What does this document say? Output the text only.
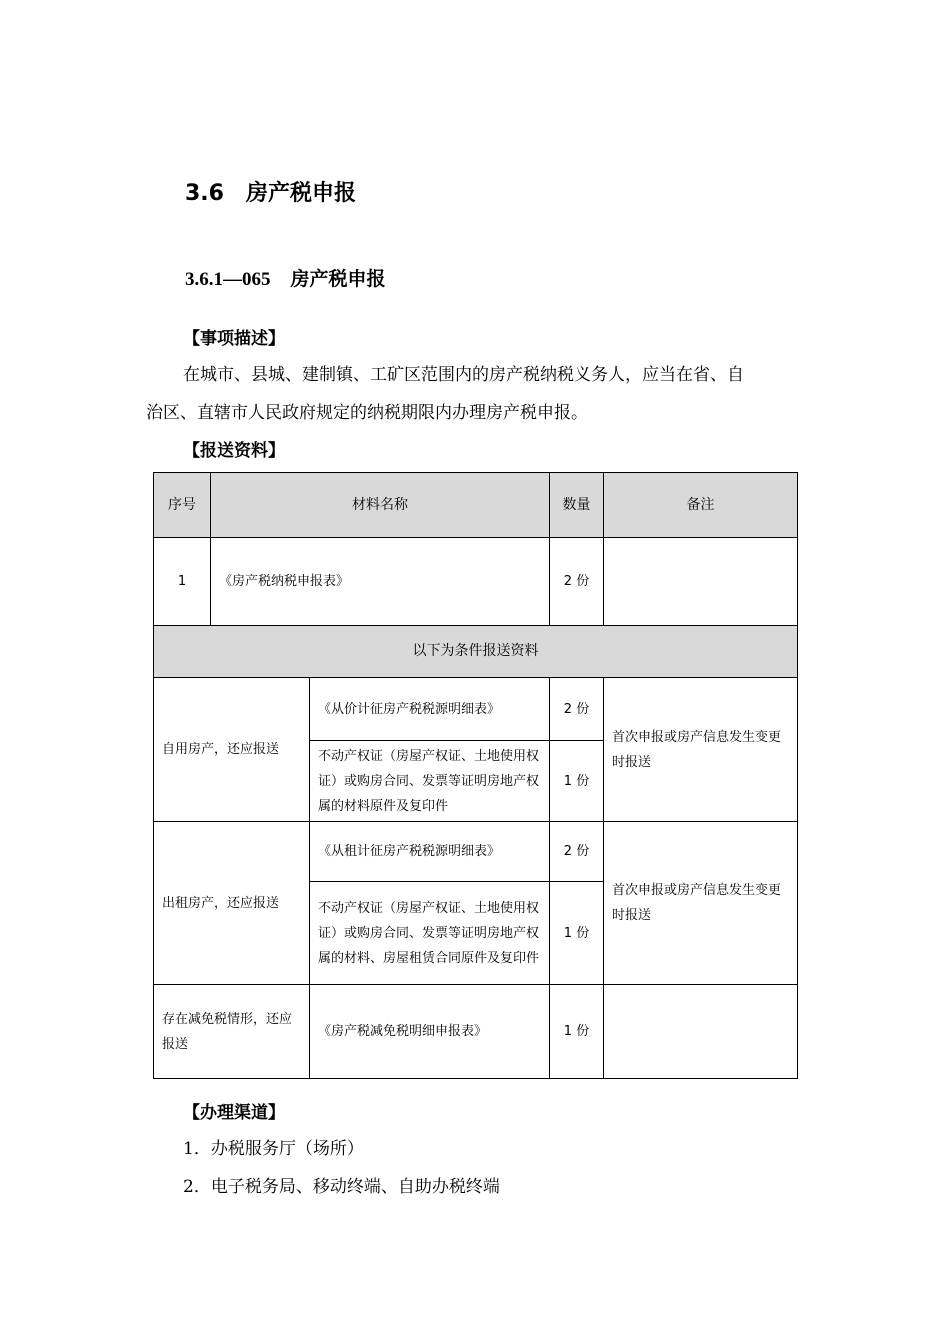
3.6 房产税申报
3.6.1—065 房产税申报
【事项描述】
在城市、县城、建制镇、工矿区范围内的房产税纳税义务人，应当在省、自
治区、直辖市人民政府规定的纳税期限内办理房产税申报。
【报送资料】
序号	材料名称		数量	备注
1	《房产税纳税申报表》		2 份	
以下为条件报送资料				
自用房产，还应报送		《从价计征房产税税源明细表》	2 份	首次申报或房产信息发生变更时报送
		不动产权证（房屋产权证、土地使用权证）或购房合同、发票等证明房地产权属的材料原件及复印件	1 份	
出租房产，还应报送		《从租计征房产税税源明细表》	2 份	首次申报或房产信息发生变更时报送
		不动产权证（房屋产权证、土地使用权证）或购房合同、发票等证明房地产权属的材料、房屋租赁合同原件及复印件	1 份	
存在减免税情形，还应报送		《房产税减免税明细申报表》	1 份	
【办理渠道】
1．办税服务厅（场所）
2．电子税务局、移动终端、自助办税终端
